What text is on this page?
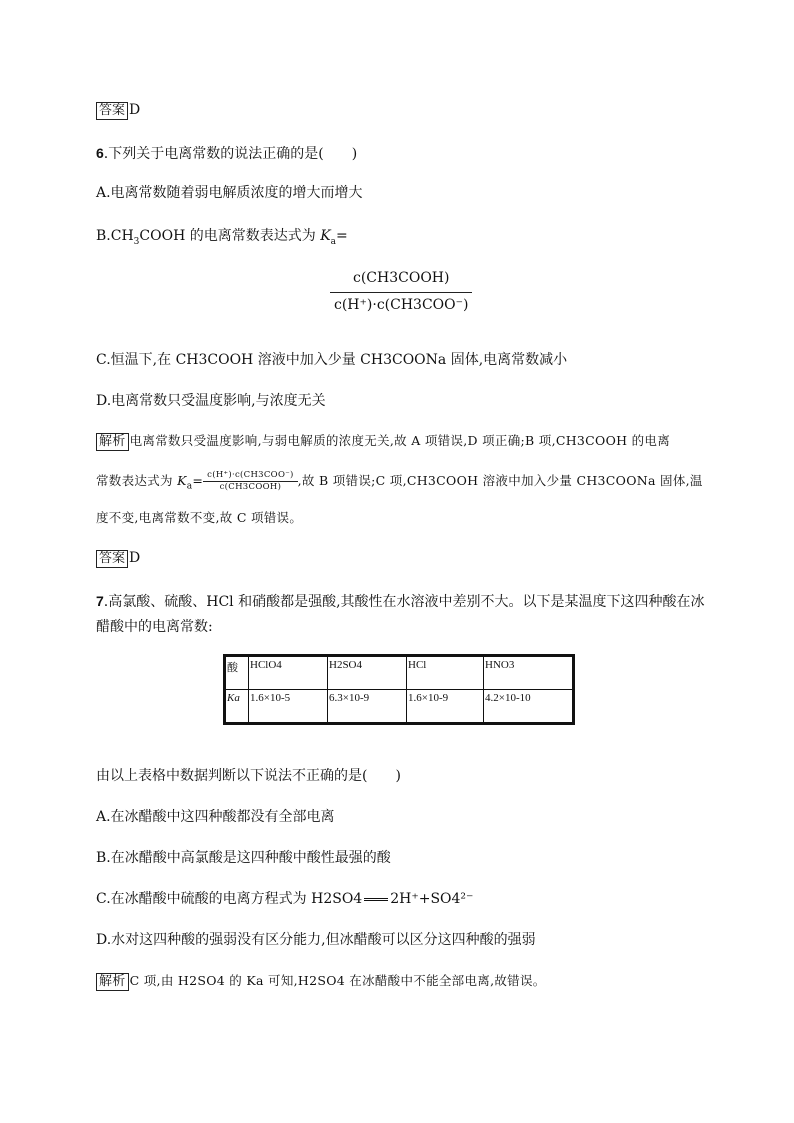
答案 D
6.下列关于电离常数的说法正确的是(　　)
A.电离常数随着弱电解质浓度的增大而增大
$B.CH_3COOH$ 的电离常数表达式为 $K_a=$
c(CH3COOH)
c(H⁺)·c(CH3COO⁻)
C.恒温下,在 CH3COOH 溶液中加入少量 CH3COONa 固体,电离常数减小
D.电离常数只受温度影响,与浓度无关
解析 电离常数只受温度影响,与弱电解质的浓度无关,故 A 项错误,D 项正确;B 项,CH3COOH 的电离
常数表达式为 $K_a= \frac{\text{c(H⁺)·c(CH3COO⁻)}}{\text{c(CH3COOH)}}$ ,故 B 项错误;C 项,CH3COOH 溶液中加入少量 CH3COONa 固体,温
度不变,电离常数不变,故 C 项错误。
答案 D
7.高氯酸、硫酸、HCl 和硝酸都是强酸,其酸性在水溶液中差别不大。以下是某温度下这四种酸在冰
醋酸中的电离常数:
酸	HClO4	H2SO4	HCl	HNO3
Ka	1.6×10-5	6.3×10-9	1.6×10-9	4.2×10-10
由以上表格中数据判断以下说法不正确的是(　　)
A.在冰醋酸中这四种酸都没有全部电离
B.在冰醋酸中高氯酸是这四种酸中酸性最强的酸
C.在冰醋酸中硫酸的电离方程式为 H2SO4 2H⁺+SO4²⁻
D.水对这四种酸的强弱没有区分能力,但冰醋酸可以区分这四种酸的强弱
解析 C 项,由 H2SO4 的 Ka 可知,H2SO4 在冰醋酸中不能全部电离,故错误。
